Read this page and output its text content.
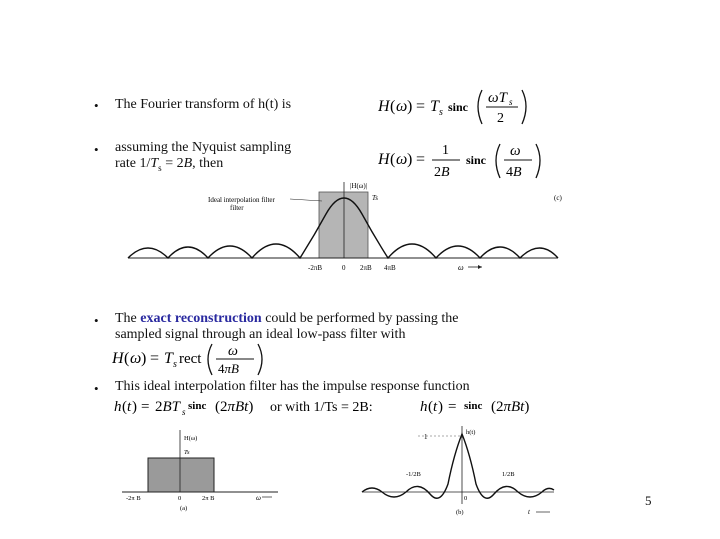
• The Fourier transform of h(t) is	H ( ω ) = T s sinc
ωT s
2
• assuming the Nyquist sampling
rate $1/T_s = 2B$, then	H ( ω ) =
1
2B
sinc
ω
4B
Ideal interpolation filter
filter
|H(ω)|
Ts	(c)
-2πB	0 2πB 4πB	ω
• The exact reconstruction could be performed by passing the
sampled signal through an ideal low-pass filter with
H ( ω ) = T s rect ω
4πB
• This ideal interpolation filter has the impulse response function
h ( t ) = 2BT s sinc (2πBt) or with 1/Ts = 2B:	h ( t ) = sinc (2πBt)
H(ω)
Ts
-2π B	0	2π B	ω
(a)
h(t)
1
-1/2B	1/2B
0
t
(b)
5
